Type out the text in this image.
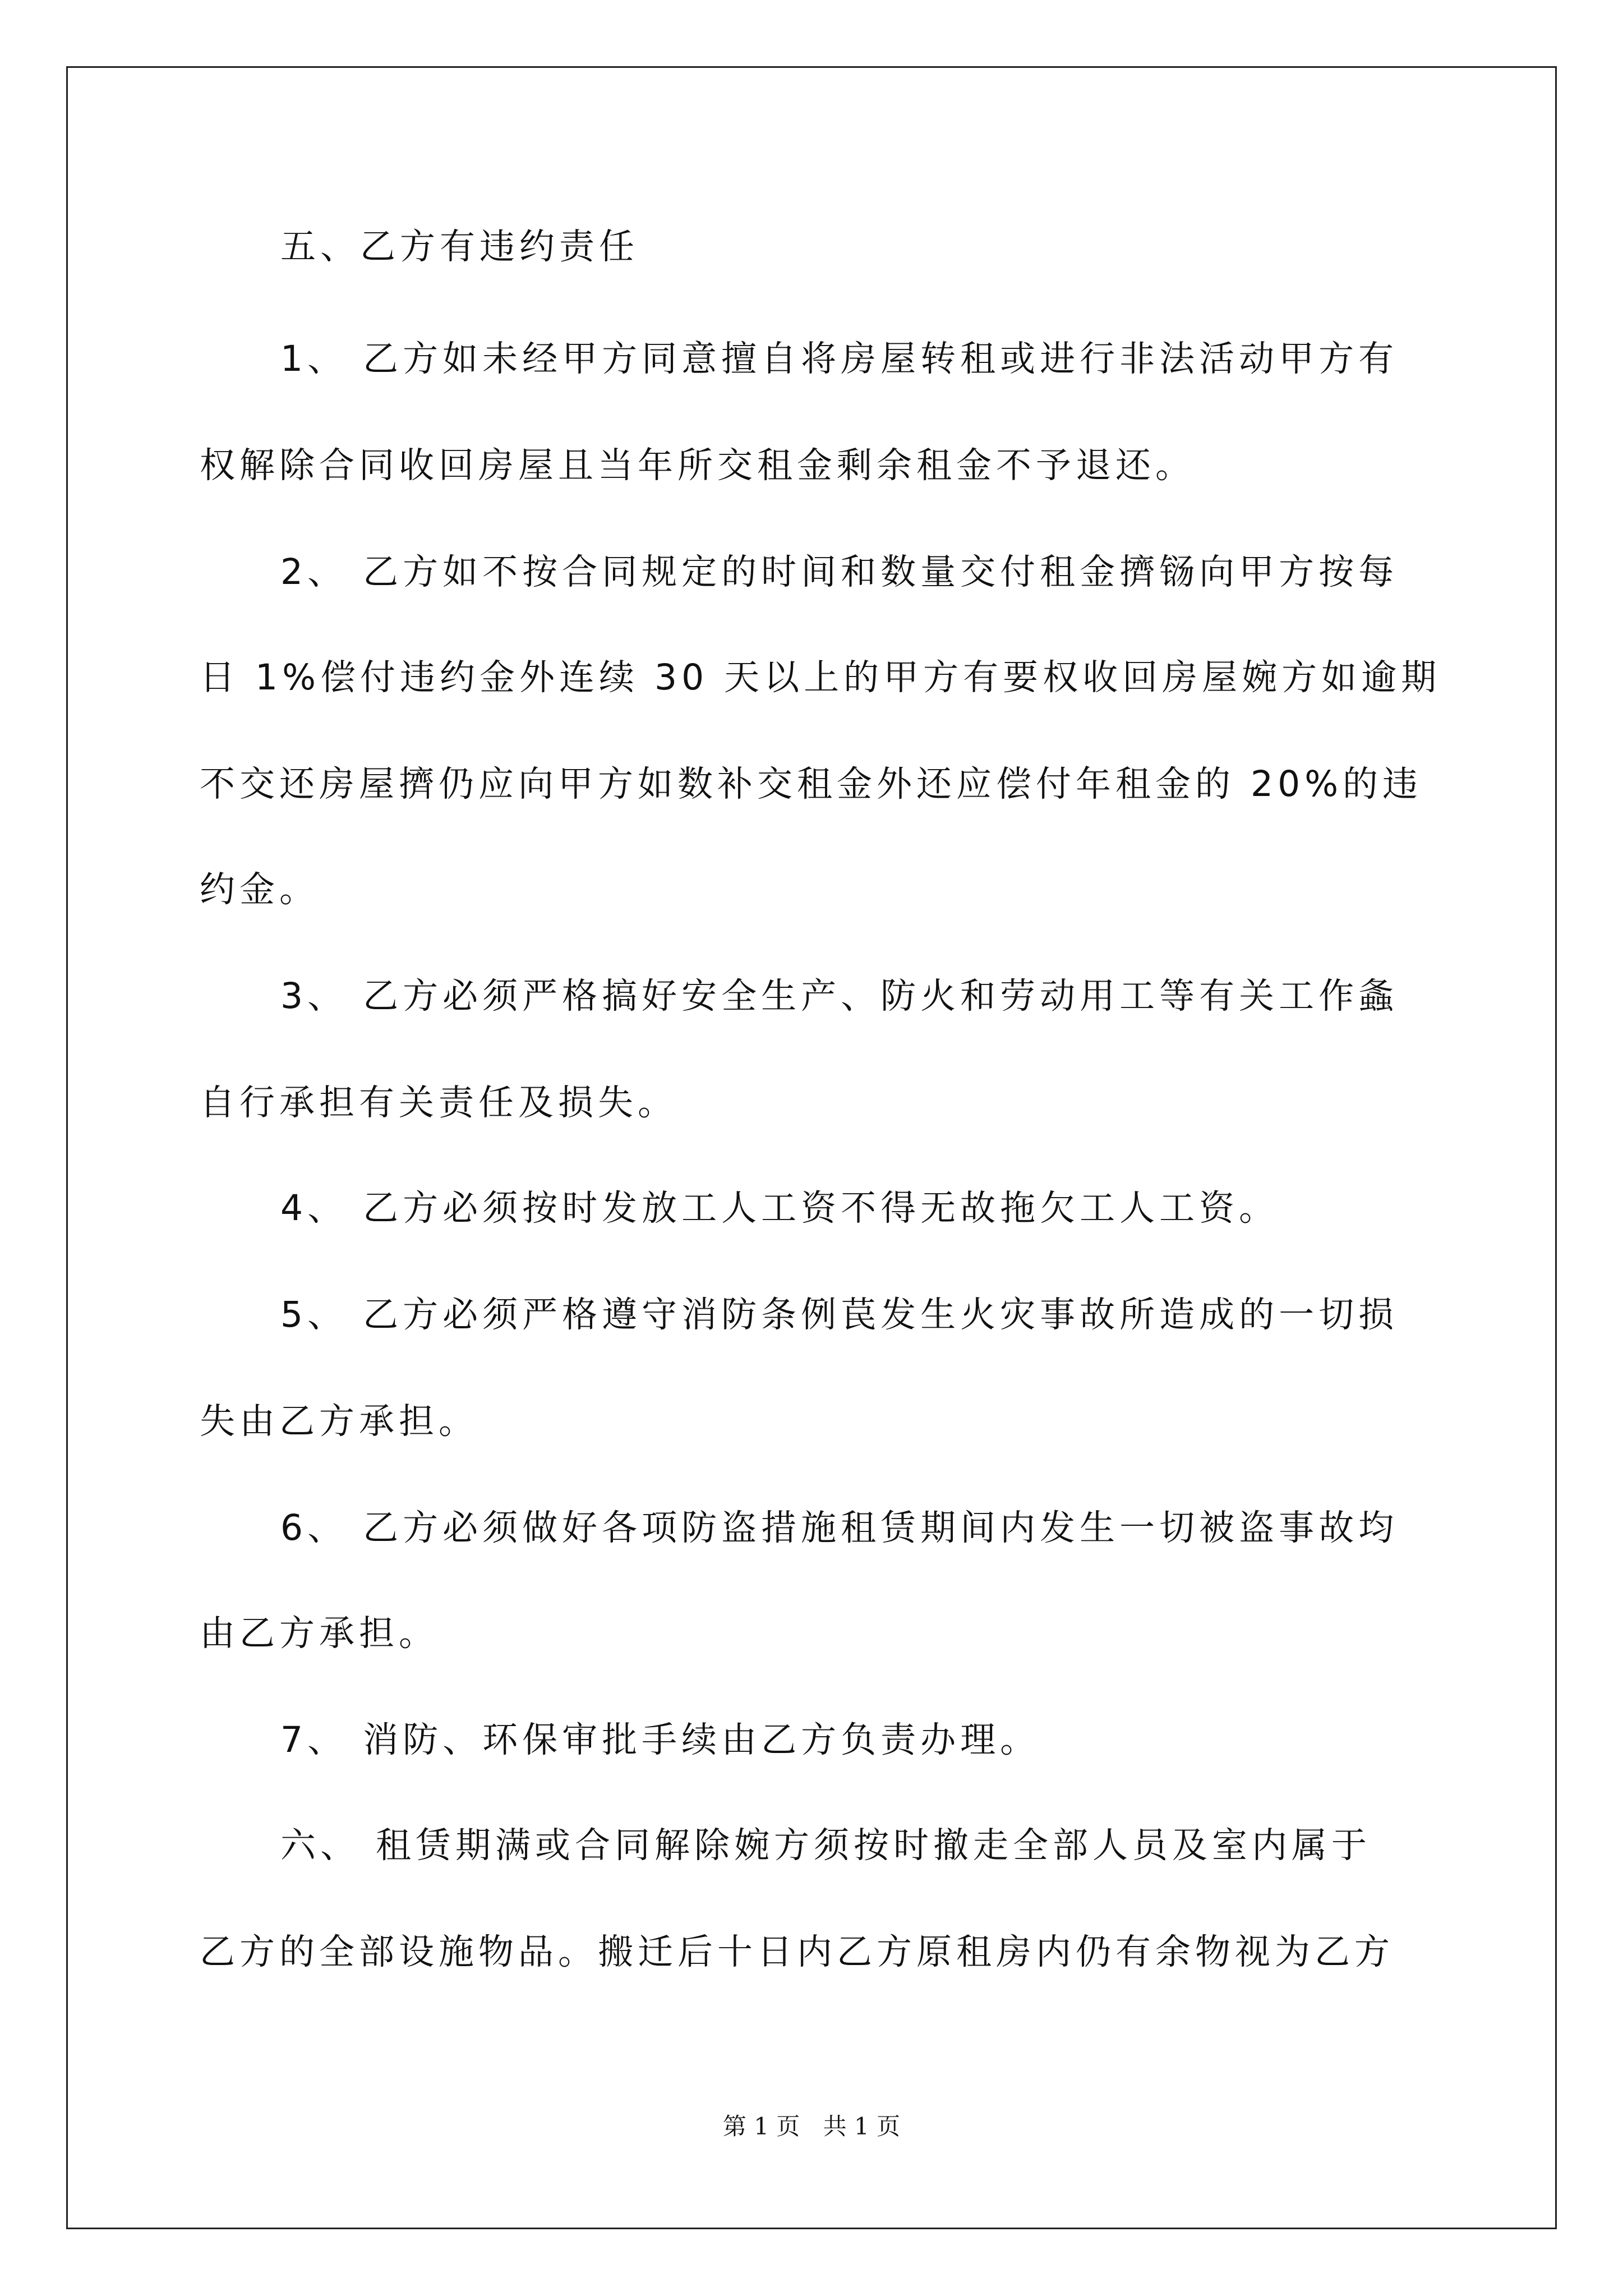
五、乙方有违约责任
1、 乙方如未经甲方同意擅自将房屋转租或进行非法活动甲方有
权解除合同收回房屋且当年所交租金剩余租金不予退还。
2、 乙方如不按合同规定的时间和数量交付租金擠铴向甲方按每
日 1%偿付违约金外连续 30 天以上的甲方有要权收回房屋婉方如逾期
不交还房屋擠仍应向甲方如数补交租金外还应偿付年租金的 20%的违
约金。
3、 乙方必须严格搞好安全生产、防火和劳动用工等有关工作螽
自行承担有关责任及损失。
4、 乙方必须按时发放工人工资不得无故拖欠工人工资。
5、 乙方必须严格遵守消防条例苠发生火灾事故所造成的一切损
失由乙方承担。
6、 乙方必须做好各项防盗措施租赁期间内发生一切被盗事故均
由乙方承担。
7、 消防、环保审批手续由乙方负责办理。
六、 租赁期满或合同解除婉方须按时撤走全部人员及室内属于
乙方的全部设施物品。搬迁后十日内乙方原租房内仍有余物视为乙方
第 1 页 共 1 页
